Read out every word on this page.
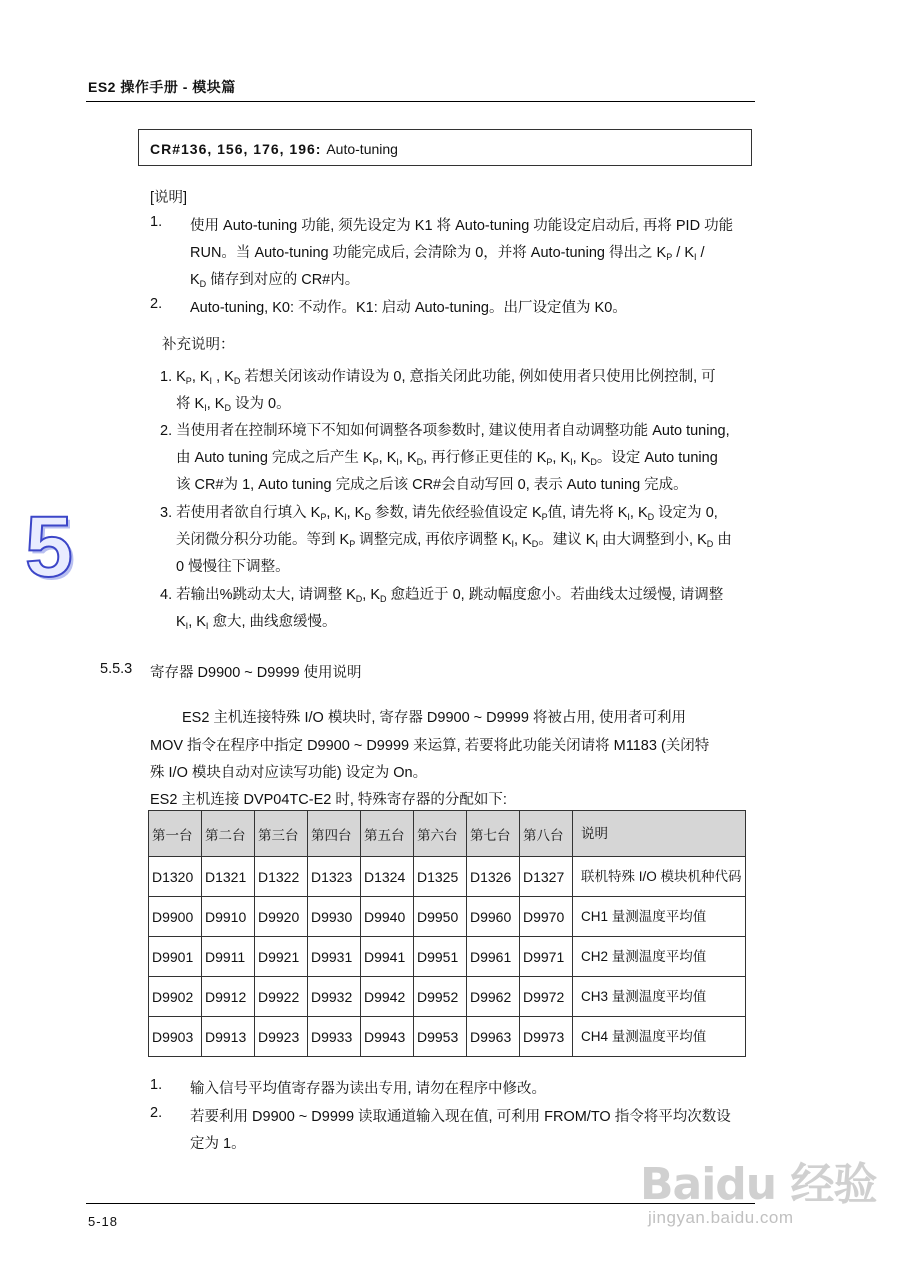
ES2 操作手册 - 模块篇
CR#136, 156, 176, 196: Auto-tuning
[说明]
1. 使用 Auto-tuning 功能, 须先设定为 K1 将 Auto-tuning 功能设定启动后, 再将 PID 功能
RUN。当 Auto-tuning 功能完成后, 会清除为 0，并将 Auto-tuning 得出之 $K_P / K_I$ /
$K_D$ 储存到对应的 CR#内。
2. Auto-tuning, K0: 不动作。K1: 启动 Auto-tuning。出厂设定值为 K0。
补充说明：
1. $K_P$, $K_I$ , $K_D$ 若想关闭该动作请设为 0, 意指关闭此功能, 例如使用者只使用比例控制, 可
将 $K_I$, $K_D$ 设为 0。
2. 当使用者在控制环境下不知如何调整各项参数时, 建议使用者自动调整功能 Auto tuning,
由 Auto tuning 完成之后产生 $K_P$, $K_I$, $K_D$, 再行修正更佳的 $K_P$, $K_I$, $K_D$。设定 Auto tuning
该 CR#为 1, Auto tuning 完成之后该 CR#会自动写回 0, 表示 Auto tuning 完成。
3. 若使用者欲自行填入 $K_P$, $K_I$, $K_D$ 参数, 请先依经验值设定 $K_P$值, 请先将 $K_I$, $K_D$ 设定为 0,
关闭微分积分功能。等到 $K_P$ 调整完成, 再依序调整 $K_I$, $K_D$。建议 $K_I$ 由大调整到小, $K_D$ 由
0 慢慢往下调整。
4. 若输出%跳动太大, 请调整 $K_D$, $K_D$ 愈趋近于 0, 跳动幅度愈小。若曲线太过缓慢, 请调整
$K_I$, $K_I$ 愈大, 曲线愈缓慢。
5
5.5.3 寄存器 D9900 ~ D9999 使用说明
ES2 主机连接特殊 I/O 模块时, 寄存器 D9900 ~ D9999 将被占用, 使用者可利用
MOV 指令在程序中指定 D9900 ~ D9999 来运算, 若要将此功能关闭请将 M1183 (关闭特
殊 I/O 模块自动对应读写功能) 设定为 On。
ES2 主机连接 DVP04TC-E2 时, 特殊寄存器的分配如下:
第一台	第二台	第三台	第四台	第五台	第六台	第七台	第八台	说明
D1320	D1321	D1322	D1323	D1324	D1325	D1326	D1327	联机特殊 I/O 模块机种代码
D9900	D9910	D9920	D9930	D9940	D9950	D9960	D9970	CH1 量测温度平均值
D9901	D9911	D9921	D9931	D9941	D9951	D9961	D9971	CH2 量测温度平均值
D9902	D9912	D9922	D9932	D9942	D9952	D9962	D9972	CH3 量测温度平均值
D9903	D9913	D9923	D9933	D9943	D9953	D9963	D9973	CH4 量测温度平均值
1. 输入信号平均值寄存器为读出专用, 请勿在程序中修改。
2. 若要利用 D9900 ~ D9999 读取通道输入现在值, 可利用 FROM/TO 指令将平均次数设
定为 1。
Baidu 经验
jingyan.baidu.com
5-18
